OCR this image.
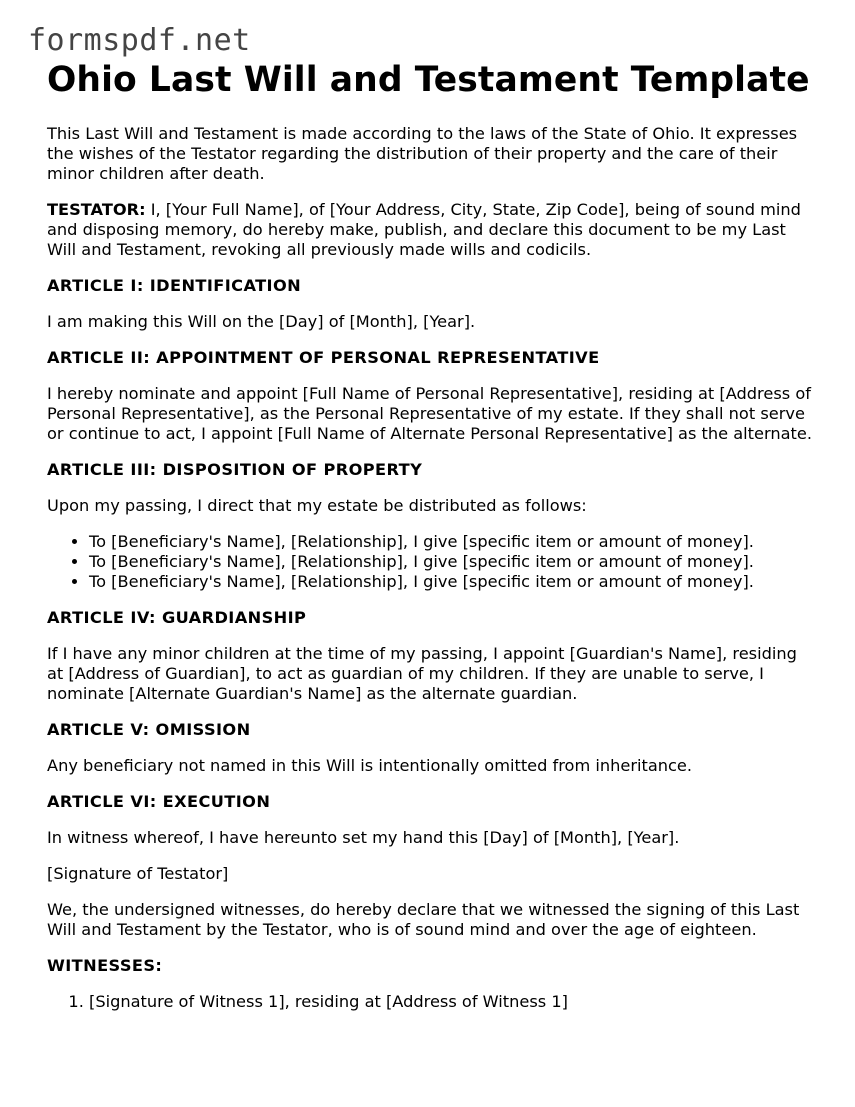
formspdf.net
Ohio Last Will and Testament Template

This Last Will and Testament is made according to the laws of the State of Ohio. It expresses the wishes of the Testator regarding the distribution of their property and the care of their minor children after death.

TESTATOR: I, [Your Full Name], of [Your Address, City, State, Zip Code], being of sound mind and disposing memory, do hereby make, publish, and declare this document to be my Last Will and Testament, revoking all previously made wills and codicils.

ARTICLE I: IDENTIFICATION

I am making this Will on the [Day] of [Month], [Year].

ARTICLE II: APPOINTMENT OF PERSONAL REPRESENTATIVE

I hereby nominate and appoint [Full Name of Personal Representative], residing at [Address of Personal Representative], as the Personal Representative of my estate. If they shall not serve or continue to act, I appoint [Full Name of Alternate Personal Representative] as the alternate.

ARTICLE III: DISPOSITION OF PROPERTY

Upon my passing, I direct that my estate be distributed as follows:

• To [Beneficiary's Name], [Relationship], I give [specific item or amount of money].
• To [Beneficiary's Name], [Relationship], I give [specific item or amount of money].
• To [Beneficiary's Name], [Relationship], I give [specific item or amount of money].
ARTICLE IV: GUARDIANSHIP

If I have any minor children at the time of my passing, I appoint [Guardian's Name], residing at [Address of Guardian], to act as guardian of my children. If they are unable to serve, I nominate [Alternate Guardian's Name] as the alternate guardian.

ARTICLE V: OMISSION

Any beneficiary not named in this Will is intentionally omitted from inheritance.

ARTICLE VI: EXECUTION

In witness whereof, I have hereunto set my hand this [Day] of [Month], [Year].

[Signature of Testator]

We, the undersigned witnesses, do hereby declare that we witnessed the signing of this Last Will and Testament by the Testator, who is of sound mind and over the age of eighteen.

WITNESSES:
1. [Signature of Witness 1], residing at [Address of Witness 1]
